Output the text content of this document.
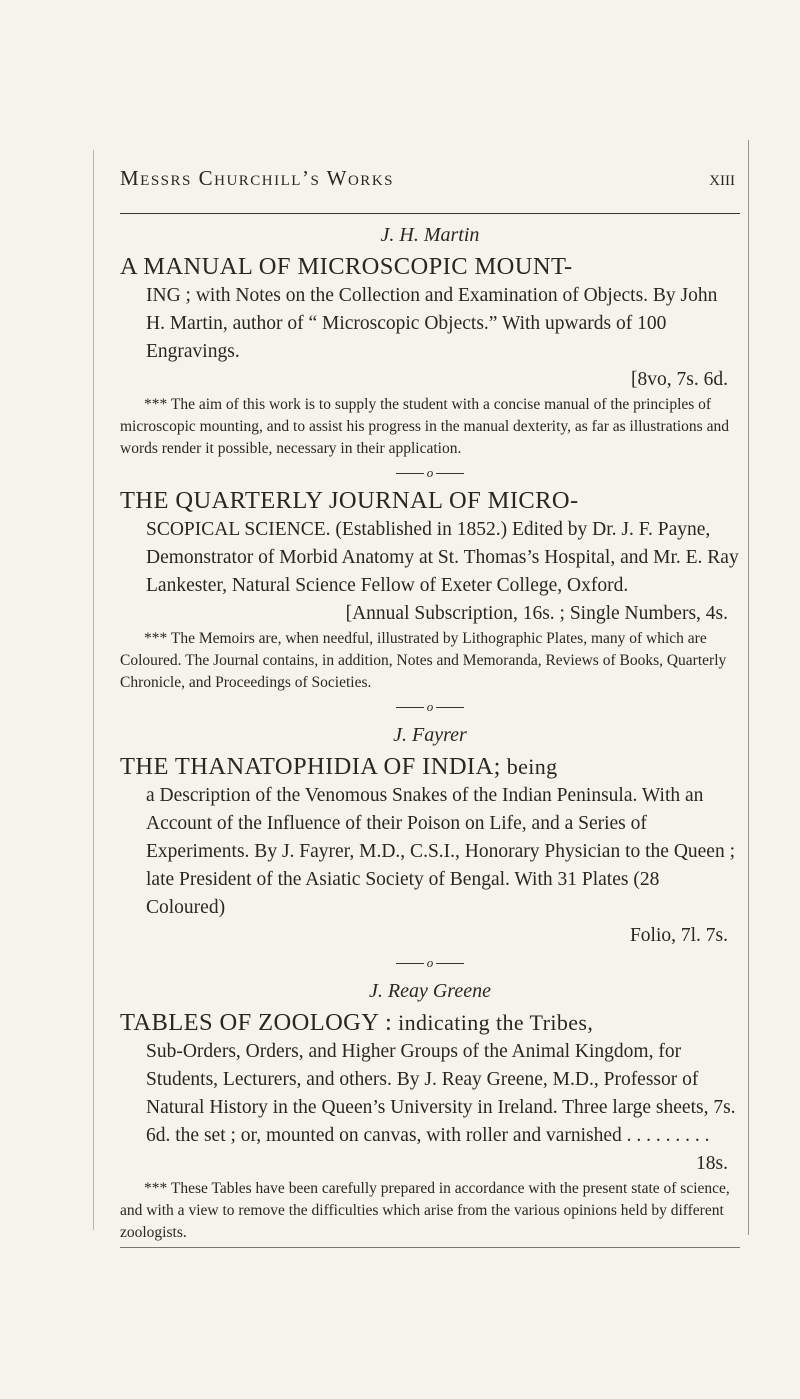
Messrs Churchill’s Works	xiii

J. H. Martin

A MANUAL OF MICROSCOPIC MOUNT-

ING ; with Notes on the Collection and Examination of Objects. By John H. Martin, author of “ Microscopic Objects.” With upwards of 100 Engravings.

[8vo, 7s. 6d.

*** The aim of this work is to supply the student with a concise manual of the principles of microscopic mounting, and to assist his progress in the manual dexterity, as far as illustrations and words render it possible, necessary in their application.

o

THE QUARTERLY JOURNAL OF MICRO-

SCOPICAL SCIENCE. (Established in 1852.) Edited by Dr. J. F. Payne, Demonstrator of Morbid Anatomy at St. Thomas’s Hospital, and Mr. E. Ray Lankester, Natural Science Fellow of Exeter College, Oxford.

[Annual Subscription, 16s. ; Single Numbers, 4s.

*** The Memoirs are, when needful, illustrated by Lithographic Plates, many of which are Coloured. The Journal contains, in addition, Notes and Memoranda, Reviews of Books, Quarterly Chronicle, and Proceedings of Societies.

o

J. Fayrer

THE THANATOPHIDIA OF INDIA; being

a Description of the Venomous Snakes of the Indian Peninsula. With an Account of the Influence of their Poison on Life, and a Series of Experiments. By J. Fayrer, M.D., C.S.I., Honorary Physician to the Queen ; late President of the Asiatic Society of Bengal. With 31 Plates (28 Coloured)

Folio, 7l. 7s.

o

J. Reay Greene

TABLES OF ZOOLOGY : indicating the Tribes,

Sub-Orders, Orders, and Higher Groups of the Animal Kingdom, for Students, Lecturers, and others. By J. Reay Greene, M.D., Professor of Natural History in the Queen’s University in Ireland. Three large sheets, 7s. 6d. the set ; or, mounted on canvas, with roller and varnished . . . . . . . . .

18s.

*** These Tables have been carefully prepared in accordance with the present state of science, and with a view to remove the difficulties which arise from the various opinions held by different zoologists.
